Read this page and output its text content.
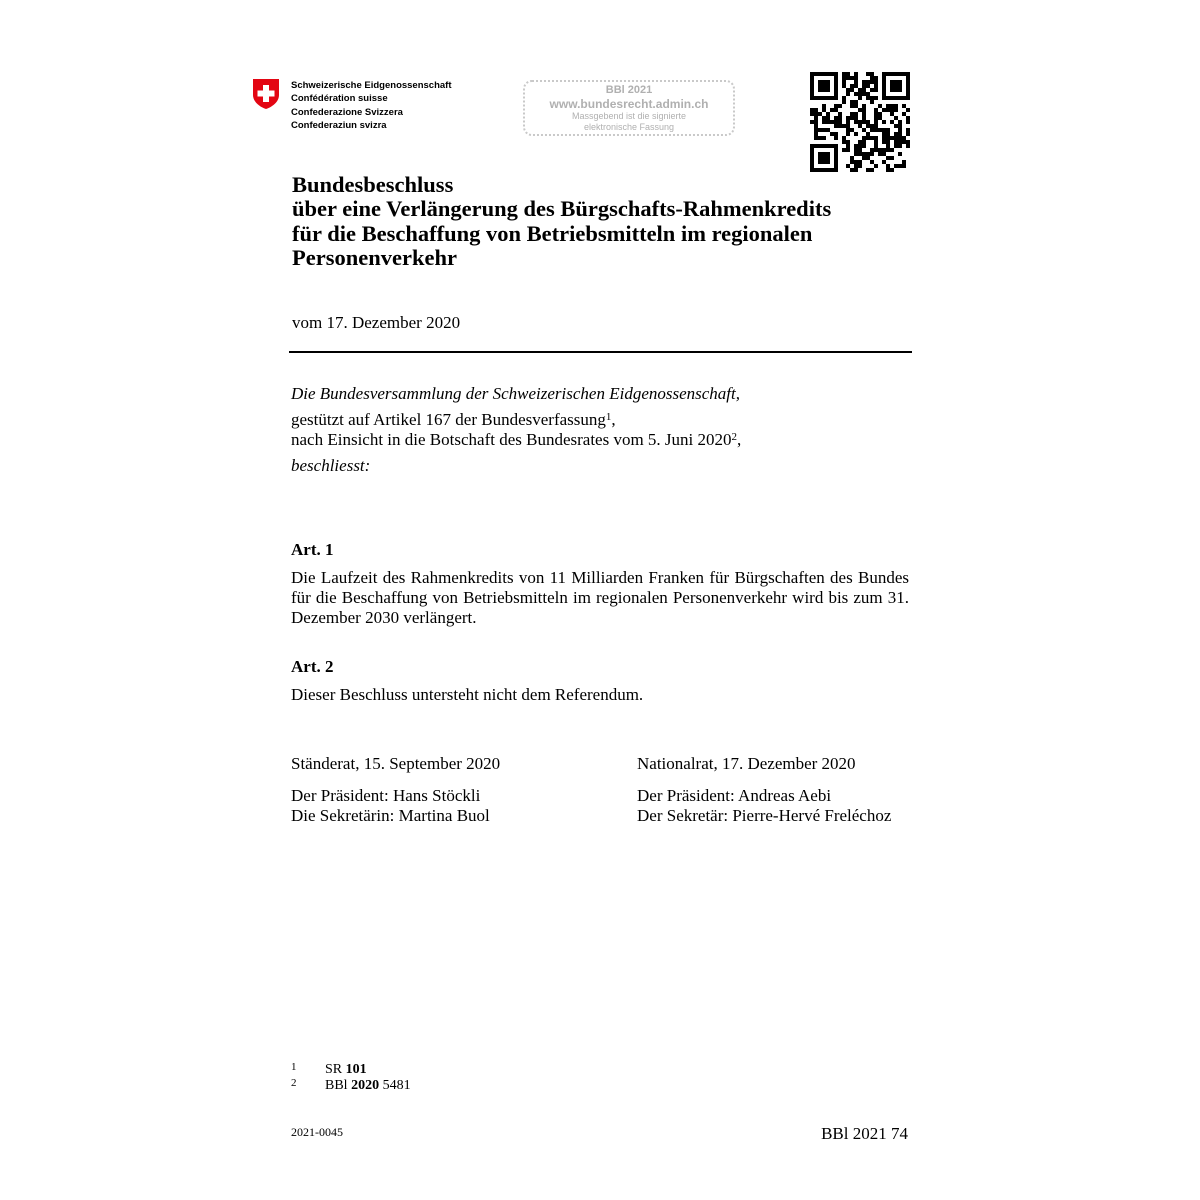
Schweizerische Eidgenossenschaft
Confédération suisse
Confederazione Svizzera
Confederaziun svizra
BBl 2021
www.bundesrecht.admin.ch
Massgebend ist die signierte
elektronische Fassung
Bundesbeschluss
über eine Verlängerung des Bürgschafts-Rahmenkredits
für die Beschaffung von Betriebsmitteln im regionalen
Personenverkehr
vom 17. Dezember 2020
Die Bundesversammlung der Schweizerischen Eidgenossenschaft,
gestützt auf Artikel 167 der Bundesverfassung$^1$,
nach Einsicht in die Botschaft des Bundesrates vom 5. Juni 2020$^2$,
beschliesst:
Art. 1
Die Laufzeit des Rahmenkredits von 11 Milliarden Franken für Bürgschaften des Bundes für die Beschaffung von Betriebsmitteln im regionalen Personenverkehr wird bis zum 31. Dezember 2030 verlängert.
Art. 2
Dieser Beschluss untersteht nicht dem Referendum.
Ständerat, 15. September 2020
Der Präsident: Hans Stöckli
Die Sekretärin: Martina Buol
Nationalrat, 17. Dezember 2020
Der Präsident: Andreas Aebi
Der Sekretär: Pierre-Hervé Freléchoz
1 SR 101
2 BBl 2020 5481
2021-0045	BBl 2021 74
